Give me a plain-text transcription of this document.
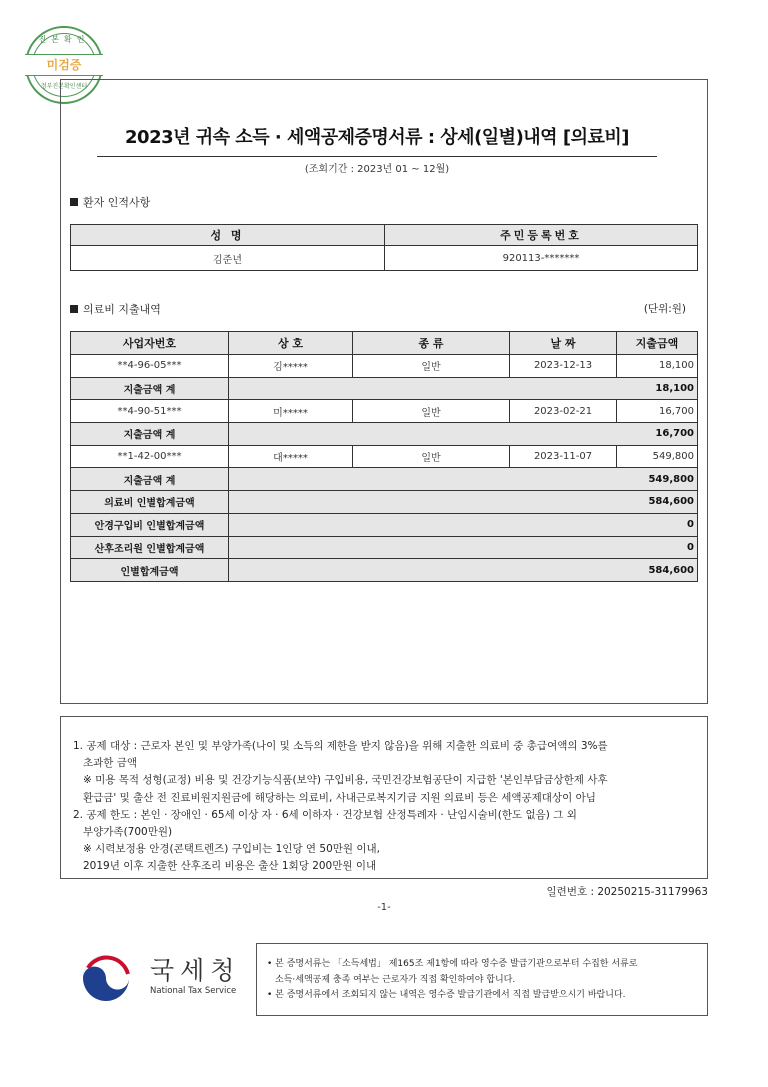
진본확인
미검증
정부진본확인센터
2023년 귀속 소득 · 세액공제증명서류 : 상세(일별)내역 [의료비]
(조회기간 : 2023년 01 ~ 12월)
환자 인적사항
성 명	주민등록번호
김준년	920113-*******
의료비 지출내역	(단위:원)
사업자번호	상 호	종 류	날 짜	지출금액
**4-96-05***	김*****	일반	2023-12-13	18,100
지출금액 계	18,100			
**4-90-51***	미*****	일반	2023-02-21	16,700
지출금액 계	16,700			
**1-42-00***	대*****	일반	2023-11-07	549,800
지출금액 계	549,800			
의료비 인별합계금액	584,600			
안경구입비 인별합계금액	0			
산후조리원 인별합계금액	0			
인별합계금액	584,600			
1. 공제 대상 : 근로자 본인 및 부양가족(나이 및 소득의 제한을 받지 않음)을 위해 지출한 의료비 중 총급여액의 3%를
초과한 금액
※ 미용 목적 성형(교정) 비용 및 건강기능식품(보약) 구입비용, 국민건강보험공단이 지급한 '본인부담금상한제 사후
환급금' 및 출산 전 진료비원지원금에 해당하는 의료비, 사내근로복지기금 지원 의료비 등은 세액공제대상이 아님
2. 공제 한도 : 본인 · 장애인 · 65세 이상 자 · 6세 이하자 · 건강보험 산정특례자 · 난임시술비(한도 없음) 그 외
부양가족(700만원)
※ 시력보정용 안경(콘택트렌즈) 구입비는 1인당 연 50만원 이내,
2019년 이후 지출한 산후조리 비용은 출산 1회당 200만원 이내
일련번호 : 20250215-31179963
-1-
국세청
National Tax Service
• 본 증명서류는 「소득세법」 제165조 제1항에 따라 영수증 발급기관으로부터 수집한 서류로
소득·세액공제 충족 여부는 근로자가 직접 확인하여야 합니다.
• 본 증명서류에서 조회되지 않는 내역은 영수증 발급기관에서 직접 발급받으시기 바랍니다.
